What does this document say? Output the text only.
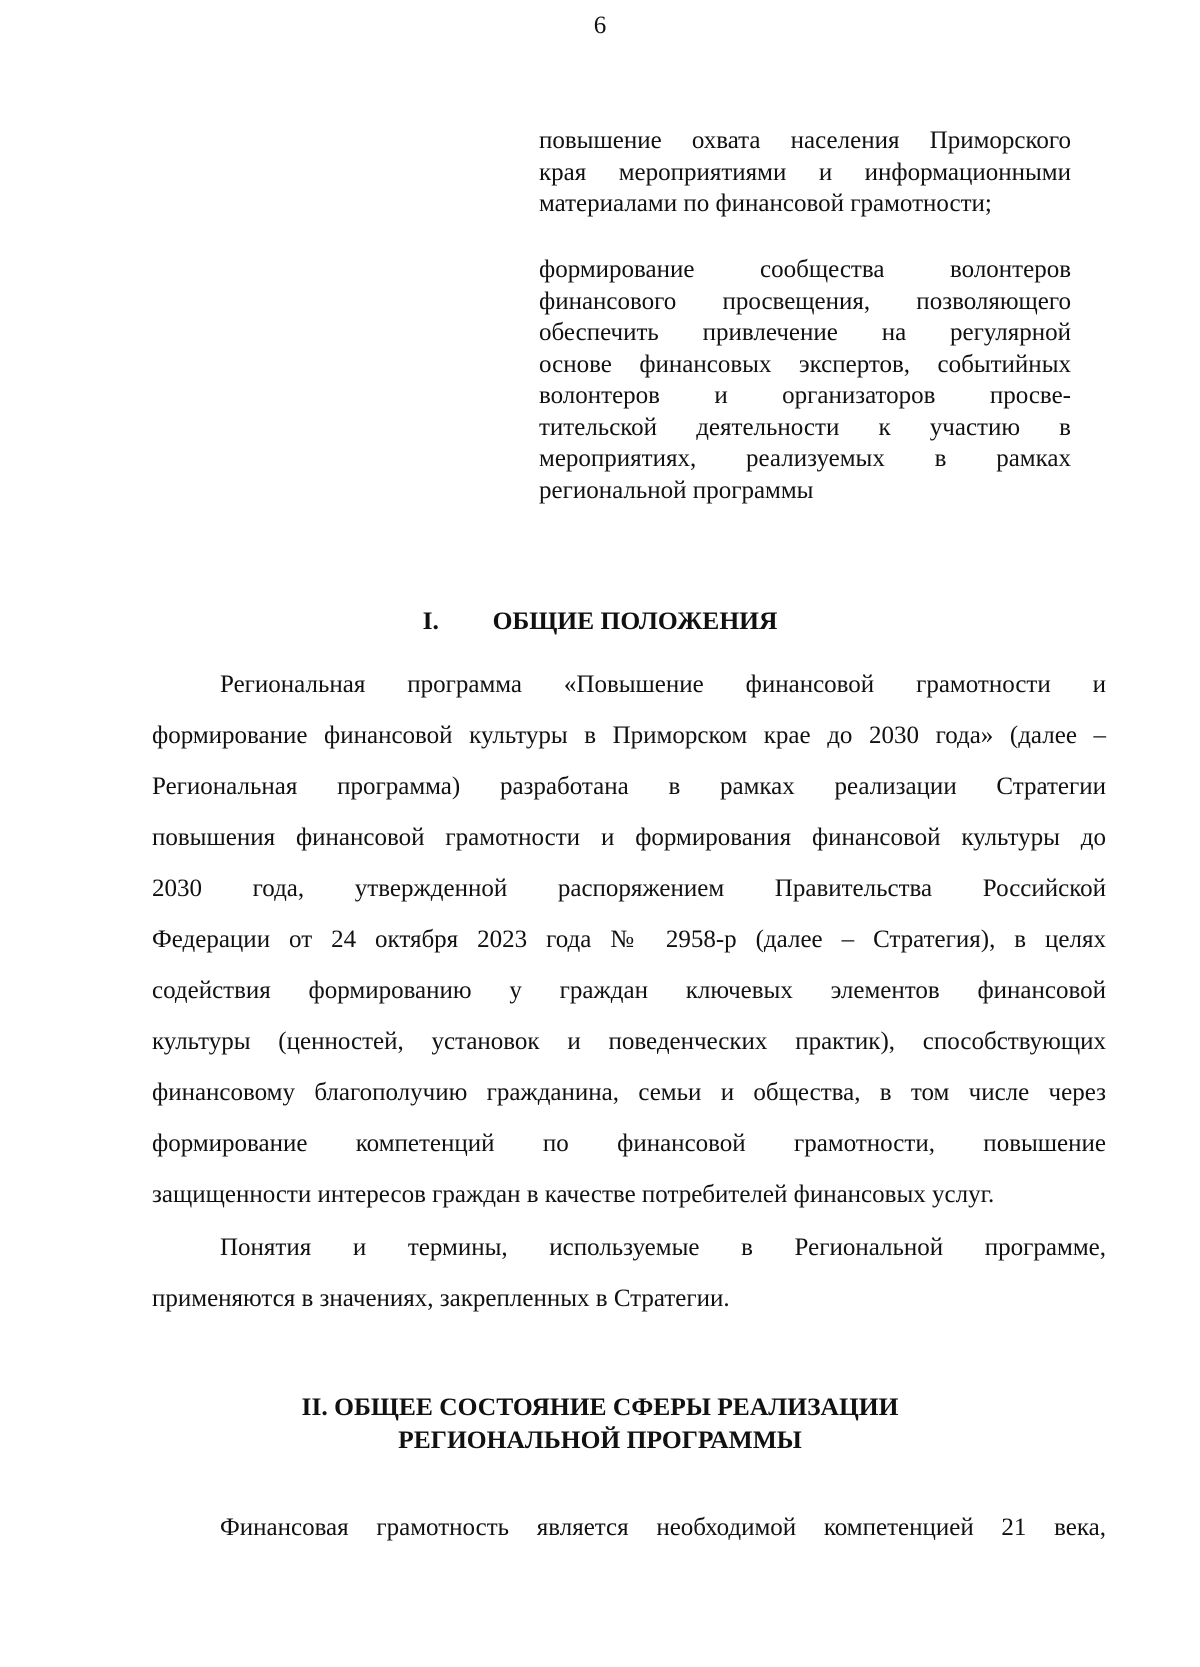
6
повышение охвата населения Приморского
края мероприятиями и информационными
материалами по финансовой грамотности;
формирование сообщества волонтеров
финансового просвещения, позволяющего
обеспечить привлечение на регулярной
основе финансовых экспертов, событийных
волонтеров и организаторов просве-
тительской деятельности к участию в
мероприятиях, реализуемых в рамках
региональной программы
I. ОБЩИЕ ПОЛОЖЕНИЯ
Региональная программа «Повышение финансовой грамотности и
формирование финансовой культуры в Приморском крае до 2030 года» (далее –
Региональная программа) разработана в рамках реализации Стратегии
повышения финансовой грамотности и формирования финансовой культуры до
2030 года, утвержденной распоряжением Правительства Российской
Федерации от 24 октября 2023 года № 2958-р (далее – Стратегия), в целях
содействия формированию у граждан ключевых элементов финансовой
культуры (ценностей, установок и поведенческих практик), способствующих
финансовому благополучию гражданина, семьи и общества, в том числе через
формирование компетенций по финансовой грамотности, повышение
защищенности интересов граждан в качестве потребителей финансовых услуг.
Понятия и термины, используемые в Региональной программе,
применяются в значениях, закрепленных в Стратегии.
II. ОБЩЕЕ СОСТОЯНИЕ СФЕРЫ РЕАЛИЗАЦИИ
РЕГИОНАЛЬНОЙ ПРОГРАММЫ
Финансовая грамотность является необходимой компетенцией 21 века,
